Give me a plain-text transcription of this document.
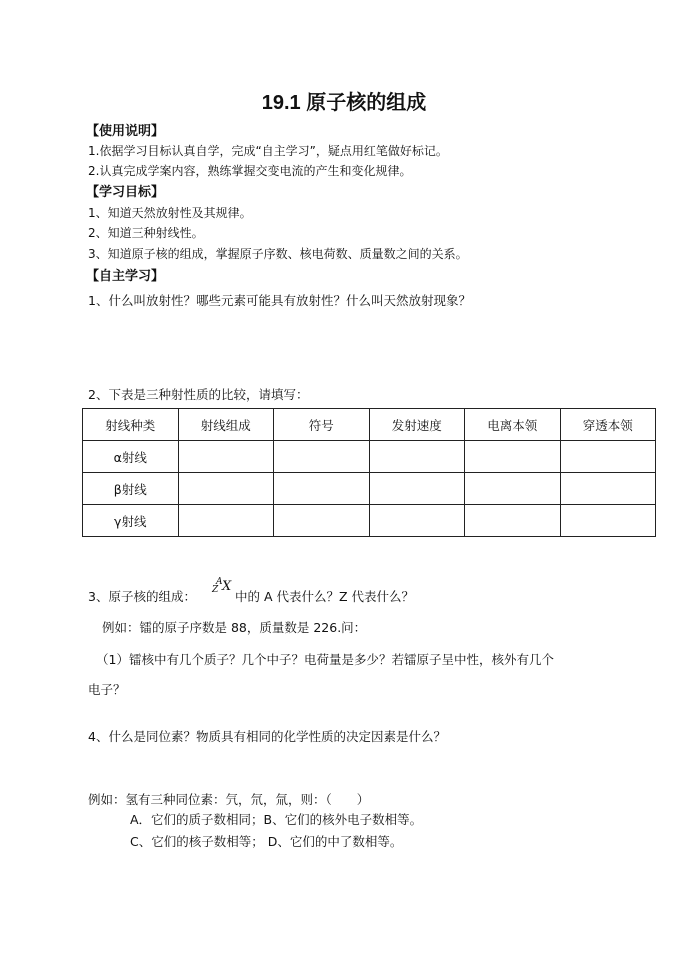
19.1 原子核的组成
【使用说明】
1.依据学习目标认真自学，完成“自主学习”，疑点用红笔做好标记。
2.认真完成学案内容，熟练掌握交变电流的产生和变化规律。
【学习目标】
1、知道天然放射性及其规律。
2、知道三种射线性。
3、知道原子核的组成，掌握原子序数、核电荷数、质量数之间的关系。
【自主学习】
1、什么叫放射性？哪些元素可能具有放射性？什么叫天然放射现象？
2、下表是三种射性质的比较，请填写：
射线种类	射线组成	符号	发射速度	电离本领	穿透本领
α射线					
β射线					
γ射线					
3、原子核的组成：
A
Z X
中的 A 代表什么？Z 代表什么？
例如：镭的原子序数是 88，质量数是 226.问：
（1）镭核中有几个质子？几个中子？电荷量是多少？若镭原子呈中性，核外有几个
电子？
4、什么是同位素？物质具有相同的化学性质的决定因素是什么？
例如：氢有三种同位素：氕，氘，氚，则：（　　）
A．它们的质子数相同；B、它们的核外电子数相等。
C、它们的核子数相等； D、它们的中了数相等。
